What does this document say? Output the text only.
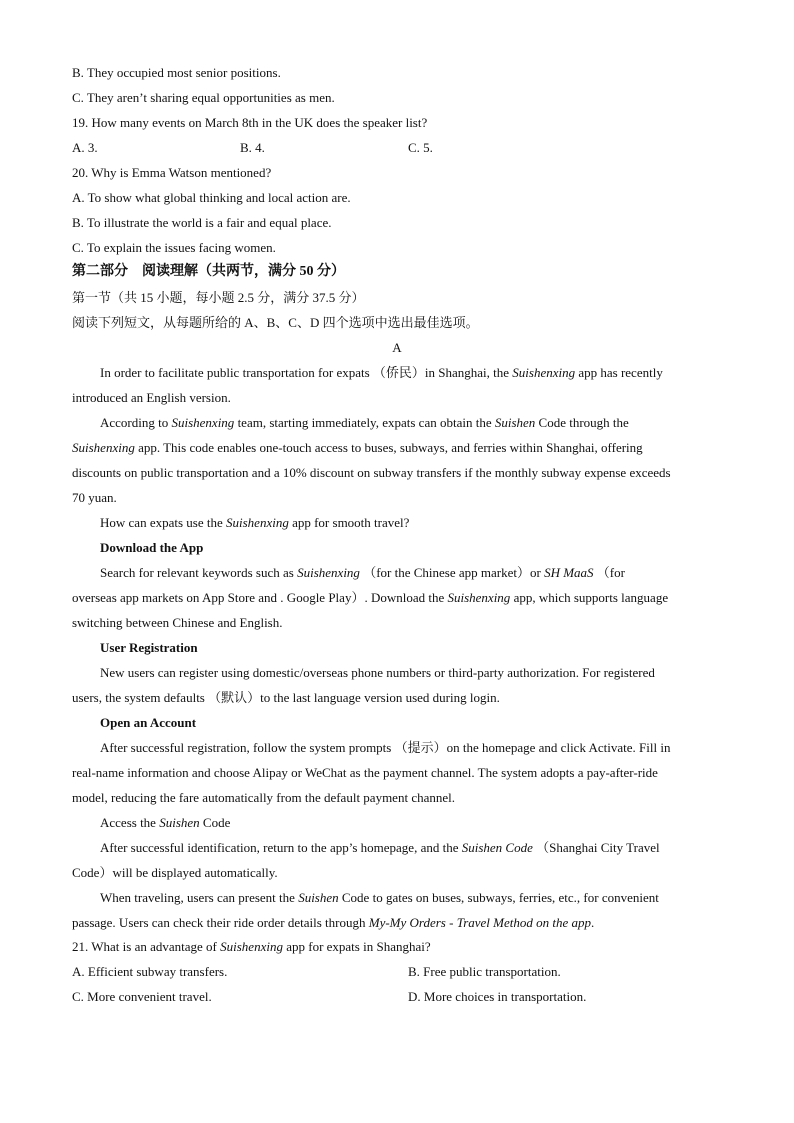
B. They occupied most senior positions.
C. They aren’t sharing equal opportunities as men.
19. How many events on March 8th in the UK does the speaker list?
A. 3.	B. 4.	C. 5.
20. Why is Emma Watson mentioned?
A. To show what global thinking and local action are.
B. To illustrate the world is a fair and equal place.
C. To explain the issues facing women.
第二部分　阅读理解（共两节，满分 50 分）
第一节（共 15 小题，每小题 2.5 分，满分 37.5 分）
阅读下列短文，从每题所给的 A、B、C、D 四个选项中选出最佳选项。
A
In order to facilitate public transportation for expats （侨民）in Shanghai, the Suishenxing app has recently
introduced an English version.
According to Suishenxing team, starting immediately, expats can obtain the Suishen Code through the
Suishenxing app. This code enables one-touch access to buses, subways, and ferries within Shanghai, offering
discounts on public transportation and a 10% discount on subway transfers if the monthly subway expense exceeds
70 yuan.
How can expats use the Suishenxing app for smooth travel?
Download the App
Search for relevant keywords such as Suishenxing （for the Chinese app market）or SH MaaS （for
overseas app markets on App Store and . Google Play）. Download the Suishenxing app, which supports language
switching between Chinese and English.
User Registration
New users can register using domestic/overseas phone numbers or third-party authorization. For registered
users, the system defaults （默认）to the last language version used during login.
Open an Account
After successful registration, follow the system prompts （提示）on the homepage and click Activate. Fill in
real-name information and choose Alipay or WeChat as the payment channel. The system adopts a pay-after-ride
model, reducing the fare automatically from the default payment channel.
Access the Suishen Code
After successful identification, return to the app’s homepage, and the Suishen Code （Shanghai City Travel
Code）will be displayed automatically.
When traveling, users can present the Suishen Code to gates on buses, subways, ferries, etc., for convenient
passage. Users can check their ride order details through My-My Orders - Travel Method on the app.
21. What is an advantage of Suishenxing app for expats in Shanghai?
A. Efficient subway transfers.	B. Free public transportation.
C. More convenient travel.	D. More choices in transportation.
